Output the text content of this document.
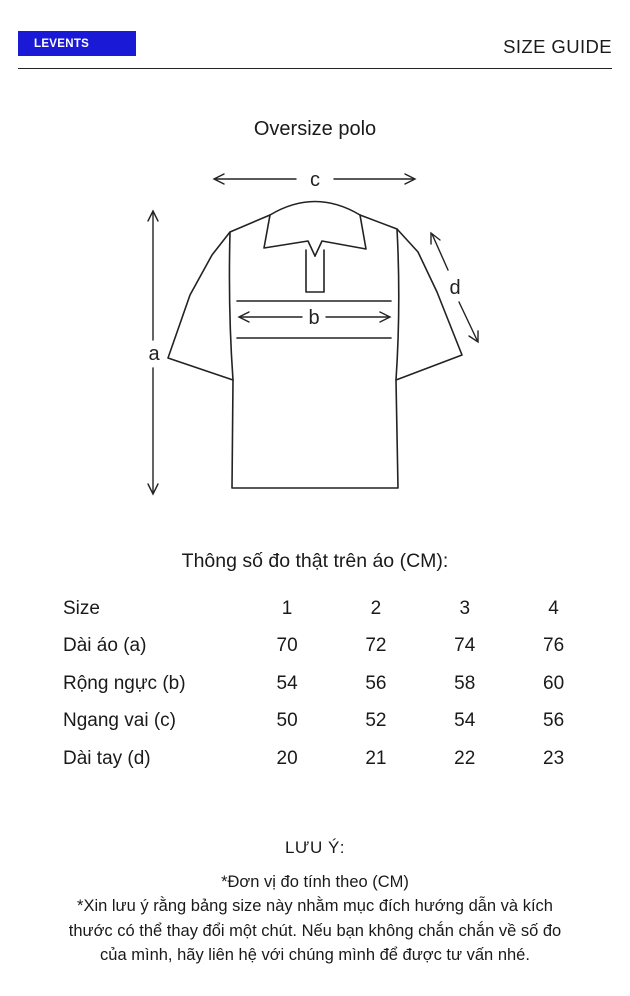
LEVENTS	SIZE GUIDE
Oversize polo
c
a
d
b
Thông số đo thật trên áo (CM):
Size	1	2	3	4
Dài áo (a)	70	72	74	76
Rộng ngực (b)	54	56	58	60
Ngang vai (c)	50	52	54	56
Dài tay (d)	20	21	22	23
LƯU Ý:
*Đơn vị đo tính theo (CM)
*Xin lưu ý rằng bảng size này nhằm mục đích hướng dẫn và kích
thước có thể thay đổi một chút. Nếu bạn không chắn chắn về số đo
của mình, hãy liên hệ với chúng mình để được tư vấn nhé.
